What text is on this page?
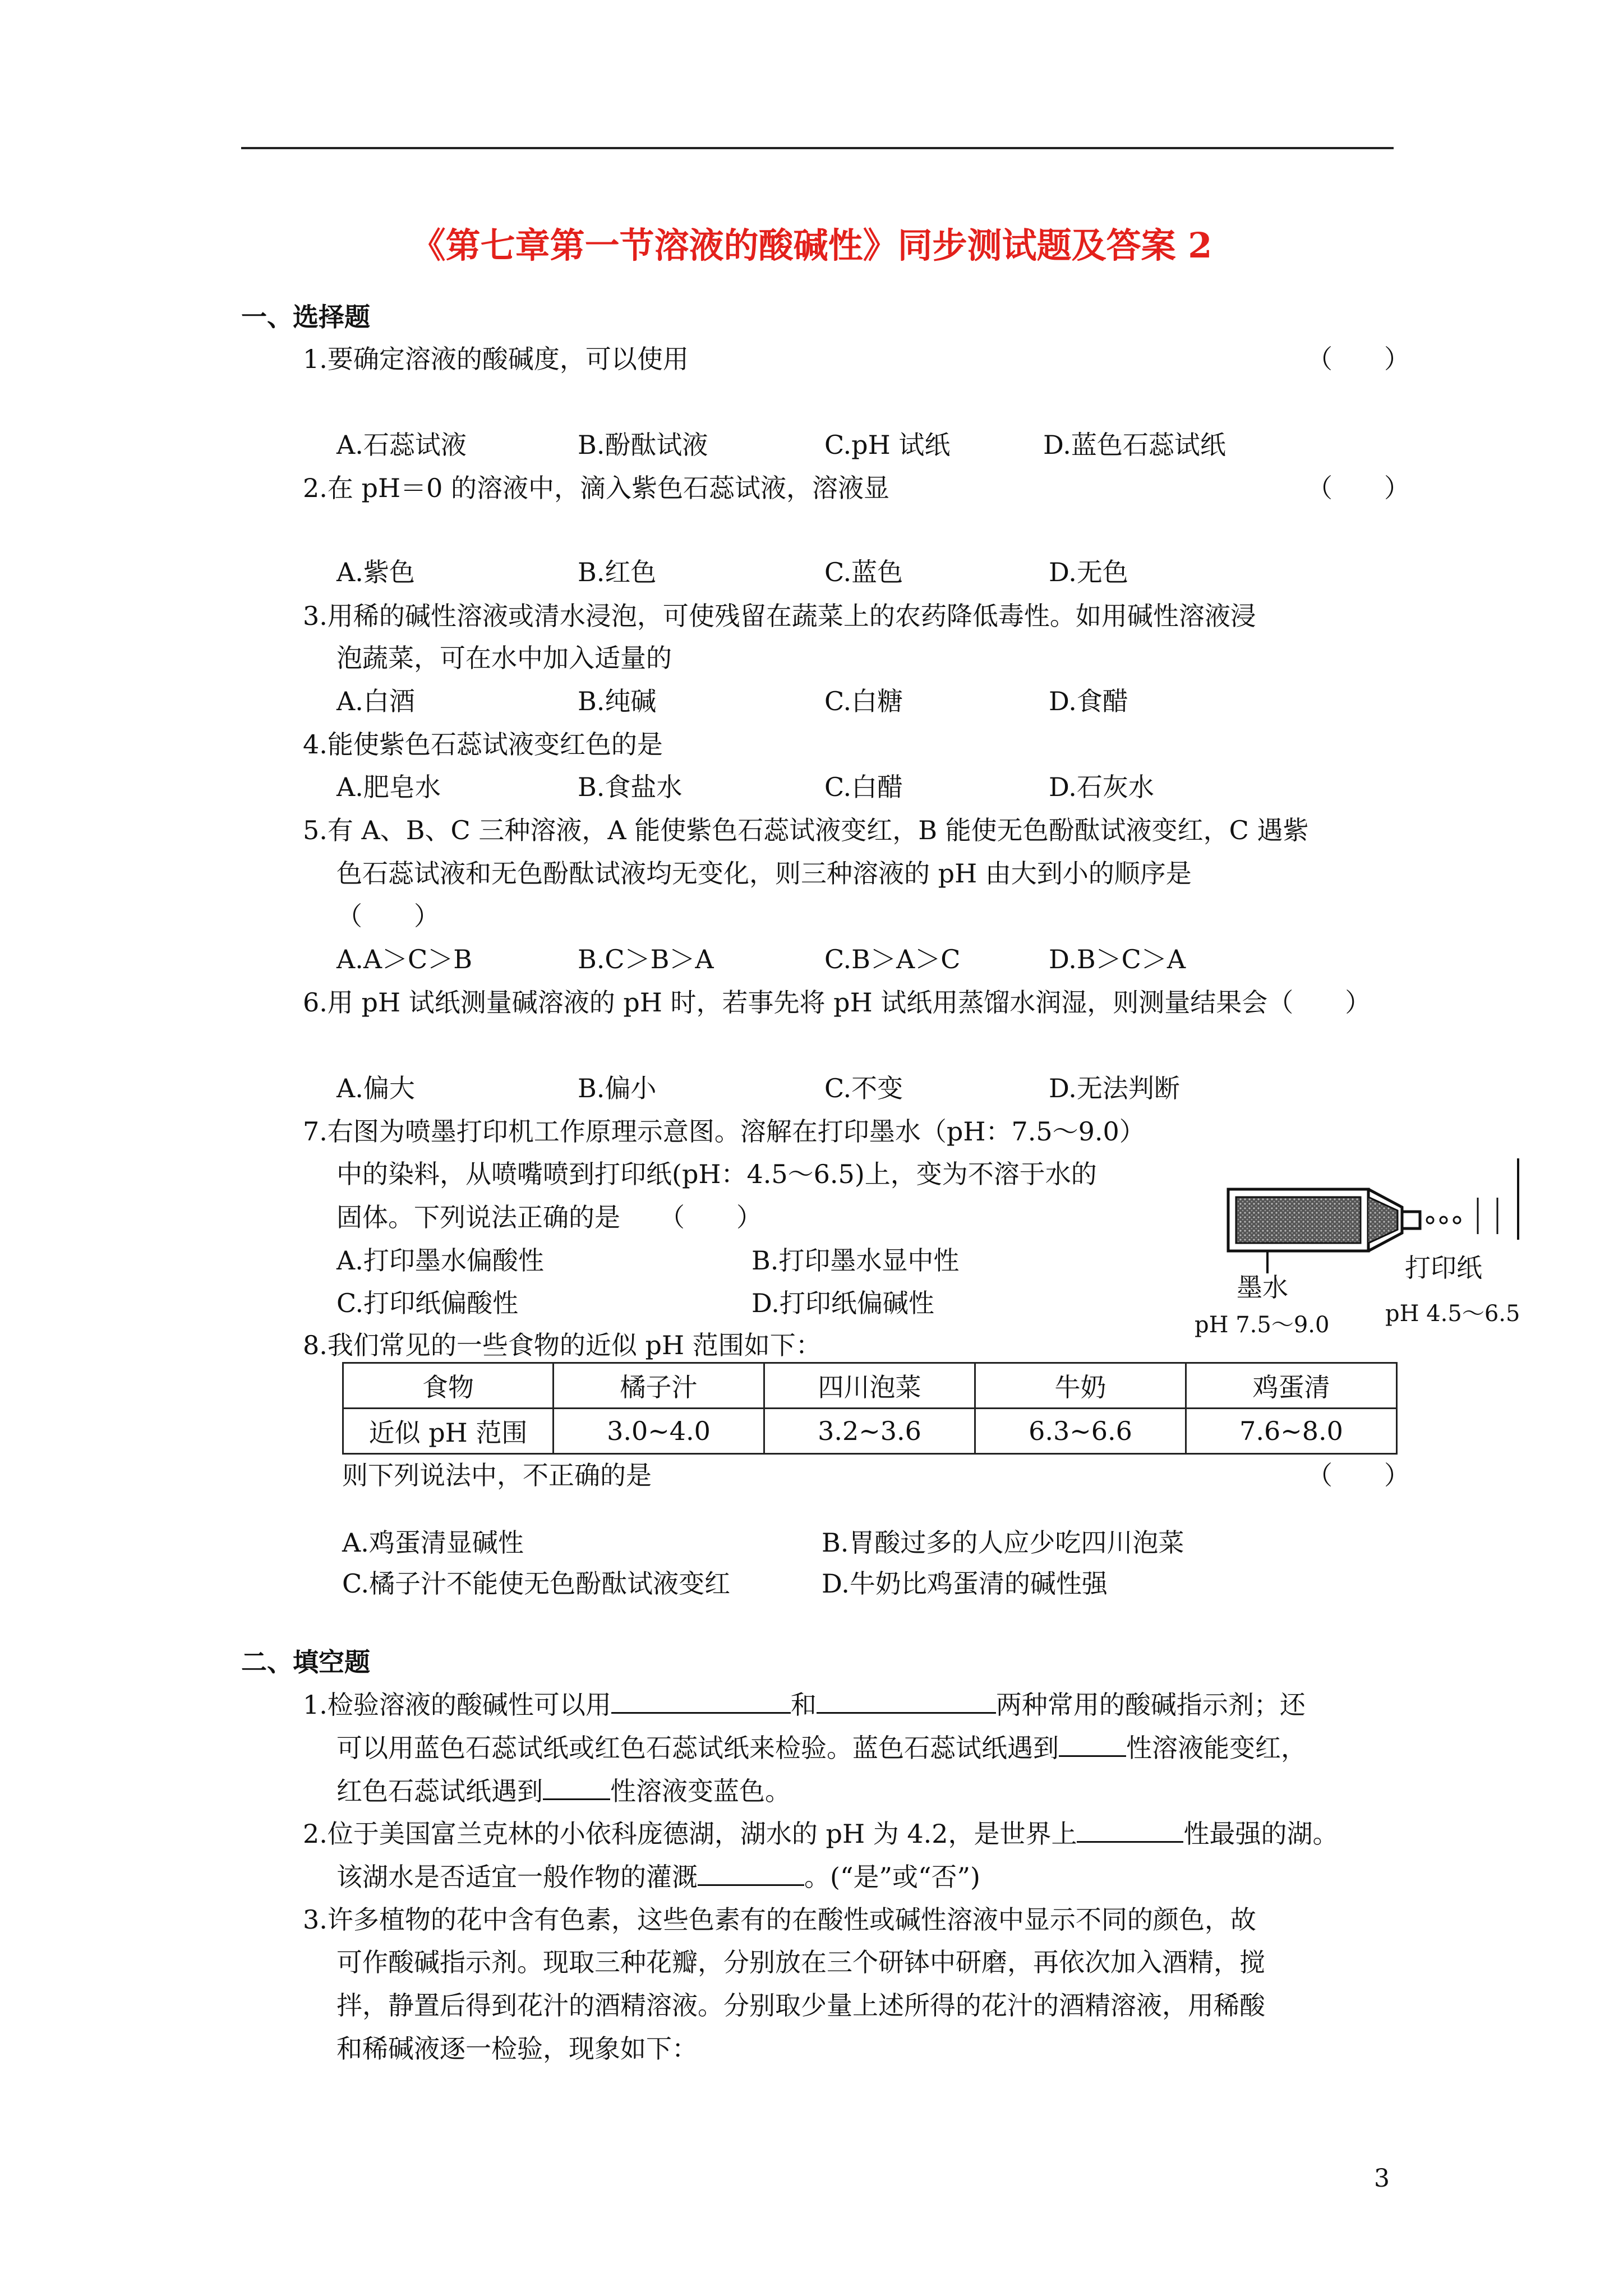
《第七章第一节溶液的酸碱性》同步测试题及答案 2
一、选择题
1.要确定溶液的酸碱度，可以使用	（　　）
A.石蕊试液	B.酚酞试液	C.pH 试纸	D.蓝色石蕊试纸
2.在 pH＝0 的溶液中，滴入紫色石蕊试液，溶液显	（　　）
A.紫色	B.红色	C.蓝色	D.无色
3.用稀的碱性溶液或清水浸泡，可使残留在蔬菜上的农药降低毒性。如用碱性溶液浸
泡蔬菜，可在水中加入适量的
A.白酒	B.纯碱	C.白糖	D.食醋
4.能使紫色石蕊试液变红色的是
A.肥皂水	B.食盐水	C.白醋	D.石灰水
5.有 A、B、C 三种溶液，A 能使紫色石蕊试液变红，B 能使无色酚酞试液变红，C 遇紫
色石蕊试液和无色酚酞试液均无变化，则三种溶液的 pH 由大到小的顺序是
（　　）
A.A＞C＞B	B.C＞B＞A	C.B＞A＞C	D.B＞C＞A
6.用 pH 试纸测量碱溶液的 pH 时，若事先将 pH 试纸用蒸馏水润湿，则测量结果会（　　）
A.偏大	B.偏小	C.不变	D.无法判断
7.右图为喷墨打印机工作原理示意图。溶解在打印墨水（pH：7.5～9.0）
中的染料，从喷嘴喷到打印纸(pH：4.5～6.5)上，变为不溶于水的
固体。下列说法正确的是　　（　　）
A.打印墨水偏酸性	B.打印墨水显中性
C.打印纸偏酸性	D.打印纸偏碱性
墨水
pH 7.5～9.0
打印纸
pH 4.5～6.5
8.我们常见的一些食物的近似 pH 范围如下：
食物	橘子汁	四川泡菜	牛奶	鸡蛋清
近似 pH 范围	3.0~4.0	3.2~3.6	6.3~6.6	7.6~8.0
则下列说法中，不正确的是	（　　）
A.鸡蛋清显碱性	B.胃酸过多的人应少吃四川泡菜
C.橘子汁不能使无色酚酞试液变红	D.牛奶比鸡蛋清的碱性强
二、填空题
1.检验溶液的酸碱性可以用	和	两种常用的酸碱指示剂；还
可以用蓝色石蕊试纸或红色石蕊试纸来检验。蓝色石蕊试纸遇到	性溶液能变红，
红色石蕊试纸遇到	性溶液变蓝色。
2.位于美国富兰克林的小依科庞德湖，湖水的 pH 为 4.2，是世界上	性最强的湖。
该湖水是否适宜一般作物的灌溉	。(“是”或“否”)
3.许多植物的花中含有色素，这些色素有的在酸性或碱性溶液中显示不同的颜色，故
可作酸碱指示剂。现取三种花瓣，分别放在三个研钵中研磨，再依次加入酒精，搅
拌，静置后得到花汁的酒精溶液。分别取少量上述所得的花汁的酒精溶液，用稀酸
和稀碱液逐一检验，现象如下：
3
